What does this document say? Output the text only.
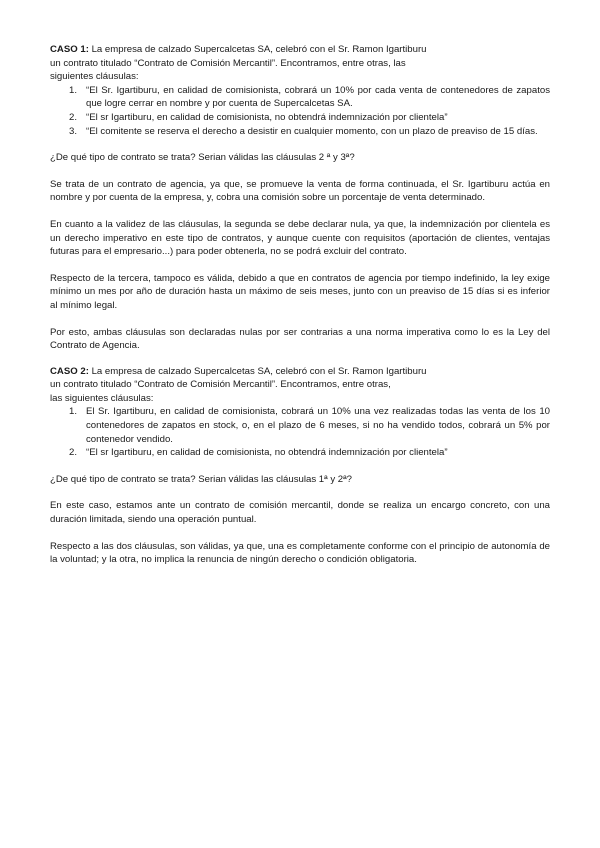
CASO 1: La empresa de calzado Supercalcetas SA, celebró con el Sr. Ramon Igartiburu
un contrato titulado “Contrato de Comisión Mercantil”. Encontramos, entre otras, las
siguientes cláusulas:

1. “El Sr. Igartiburu, en calidad de comisionista, cobrará un 10% por cada venta de contenedores de zapatos que logre cerrar en nombre y por cuenta de Supercalcetas SA.
2. “El sr Igartiburu, en calidad de comisionista, no obtendrá indemnización por clientela”
3. “El comitente se reserva el derecho a desistir en cualquier momento, con un plazo de preaviso de 15 días.

¿De qué tipo de contrato se trata? Serian válidas las cláusulas 2 ª y 3ª?

Se trata de un contrato de agencia, ya que, se promueve la venta de forma continuada, el Sr. Igartiburu actúa en nombre y por cuenta de la empresa, y, cobra una comisión sobre un porcentaje de venta determinado.

En cuanto a la validez de las cláusulas, la segunda se debe declarar nula, ya que, la indemnización por clientela es un derecho imperativo en este tipo de contratos, y aunque cuente con requisitos (aportación de clientes, ventajas futuras para el empresario...) para poder obtenerla, no se podrá excluir del contrato.

Respecto de la tercera, tampoco es válida, debido a que en contratos de agencia por tiempo indefinido, la ley exige mínimo un mes por año de duración hasta un máximo de seis meses, junto con un preaviso de 15 días si es inferior al mínimo legal.

Por esto, ambas cláusulas son declaradas nulas por ser contrarias a una norma imperativa como lo es la Ley del Contrato de Agencia.

CASO 2: La empresa de calzado Supercalcetas SA, celebró con el Sr. Ramon Igartiburu
un contrato titulado “Contrato de Comisión Mercantil”. Encontramos, entre otras,
las siguientes cláusulas:

1. El Sr. Igartiburu, en calidad de comisionista, cobrará un 10% una vez realizadas todas las venta de los 10 contenedores de zapatos en stock, o, en el plazo de 6 meses, si no ha vendido todos, cobrará un 5% por contenedor vendido.
2. “El sr Igartiburu, en calidad de comisionista, no obtendrá indemnización por clientela”

¿De qué tipo de contrato se trata? Serian válidas las cláusulas 1ª y 2ª?

En este caso, estamos ante un contrato de comisión mercantil, donde se realiza un encargo concreto, con una duración limitada, siendo una operación puntual.

Respecto a las dos cláusulas, son válidas, ya que, una es completamente conforme con el principio de autonomía de la voluntad; y la otra, no implica la renuncia de ningún derecho o condición obligatoria.
